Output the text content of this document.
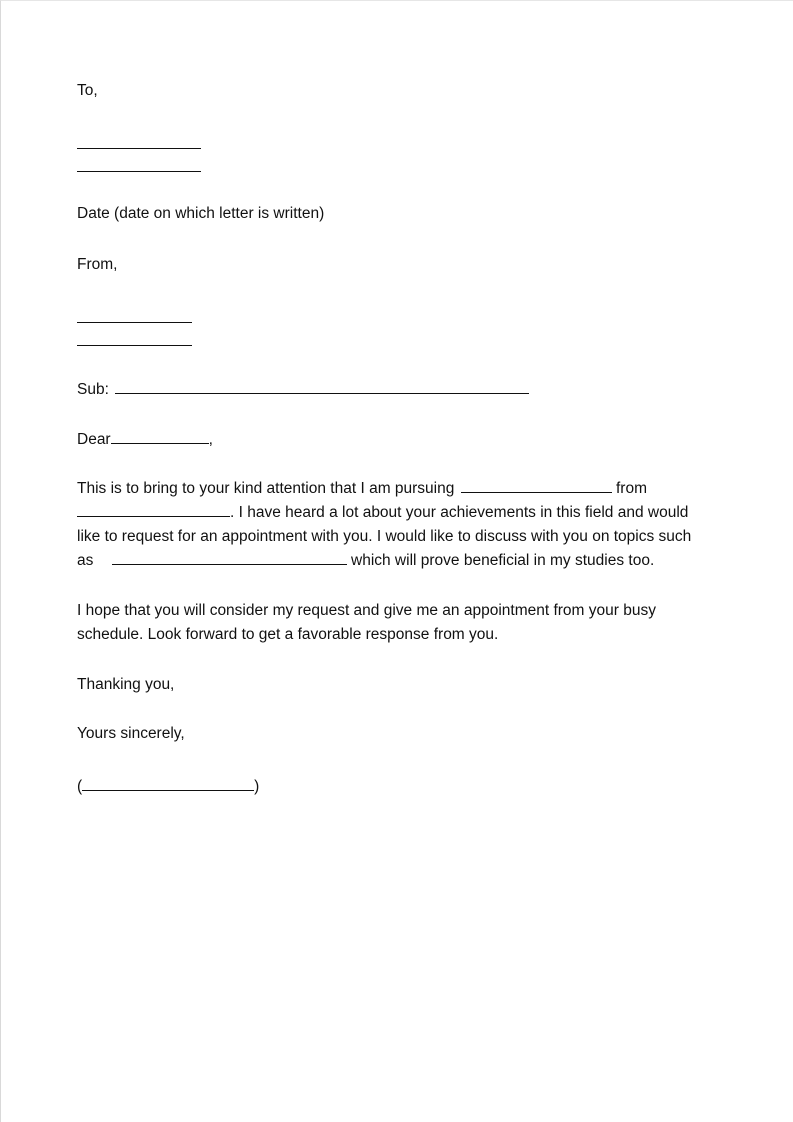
To,
Date (date on which letter is written)
From,
Sub:
Dear	,
This is to bring to your kind attention that I am pursuing	from
. I have heard a lot about your achievements in this field and would
like to request for an appointment with you. I would like to discuss with you on topics such
as	which will prove beneficial in my studies too.
I hope that you will consider my request and give me an appointment from your busy
schedule. Look forward to get a favorable response from you.
Thanking you,
Yours sincerely,
(	)
